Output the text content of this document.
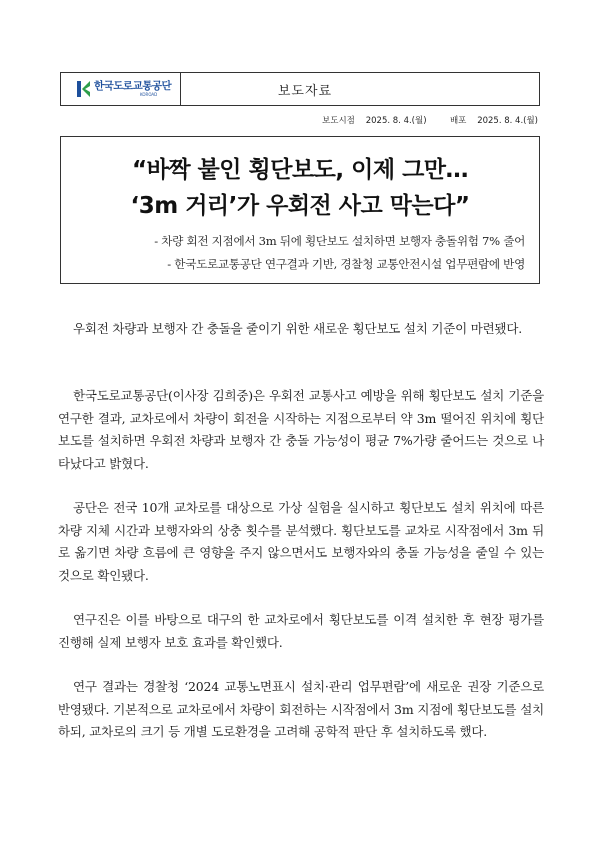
한국도로교통공단
KOROAD	보도자료
보도시점 2025. 8. 4.(월)	배포 2025. 8. 4.(월)
“바짝 붙인 횡단보도, 이제 그만…
‘3m 거리’가 우회전 사고 막는다”
- 차량 회전 지점에서 3m 뒤에 횡단보도 설치하면 보행자 충돌위험 7% 줄어
- 한국도로교통공단 연구결과 기반, 경찰청 교통안전시설 업무편람에 반영

우회전 차량과 보행자 간 충돌을 줄이기 위한 새로운 횡단보도 설치 기준이 마련됐다.

한국도로교통공단(이사장 김희중)은 우회전 교통사고 예방을 위해 횡단보도 설치 기준을 연구한 결과, 교차로에서 차량이 회전을 시작하는 지점으로부터 약 3m 떨어진 위치에 횡단보도를 설치하면 우회전 차량과 보행자 간 충돌 가능성이 평균 7%가량 줄어드는 것으로 나타났다고 밝혔다.

공단은 전국 10개 교차로를 대상으로 가상 실험을 실시하고 횡단보도 설치 위치에 따른 차량 지체 시간과 보행자와의 상충 횟수를 분석했다. 횡단보도를 교차로 시작점에서 3m 뒤로 옮기면 차량 흐름에 큰 영향을 주지 않으면서도 보행자와의 충돌 가능성을 줄일 수 있는 것으로 확인됐다.

연구진은 이를 바탕으로 대구의 한 교차로에서 횡단보도를 이격 설치한 후 현장 평가를 진행해 실제 보행자 보호 효과를 확인했다.

연구 결과는 경찰청 ‘2024 교통노면표시 설치·관리 업무편람’에 새로운 권장 기준으로 반영됐다. 기본적으로 교차로에서 차량이 회전하는 시작점에서 3m 지점에 횡단보도를 설치하되, 교차로의 크기 등 개별 도로환경을 고려해 공학적 판단 후 설치하도록 했다.
